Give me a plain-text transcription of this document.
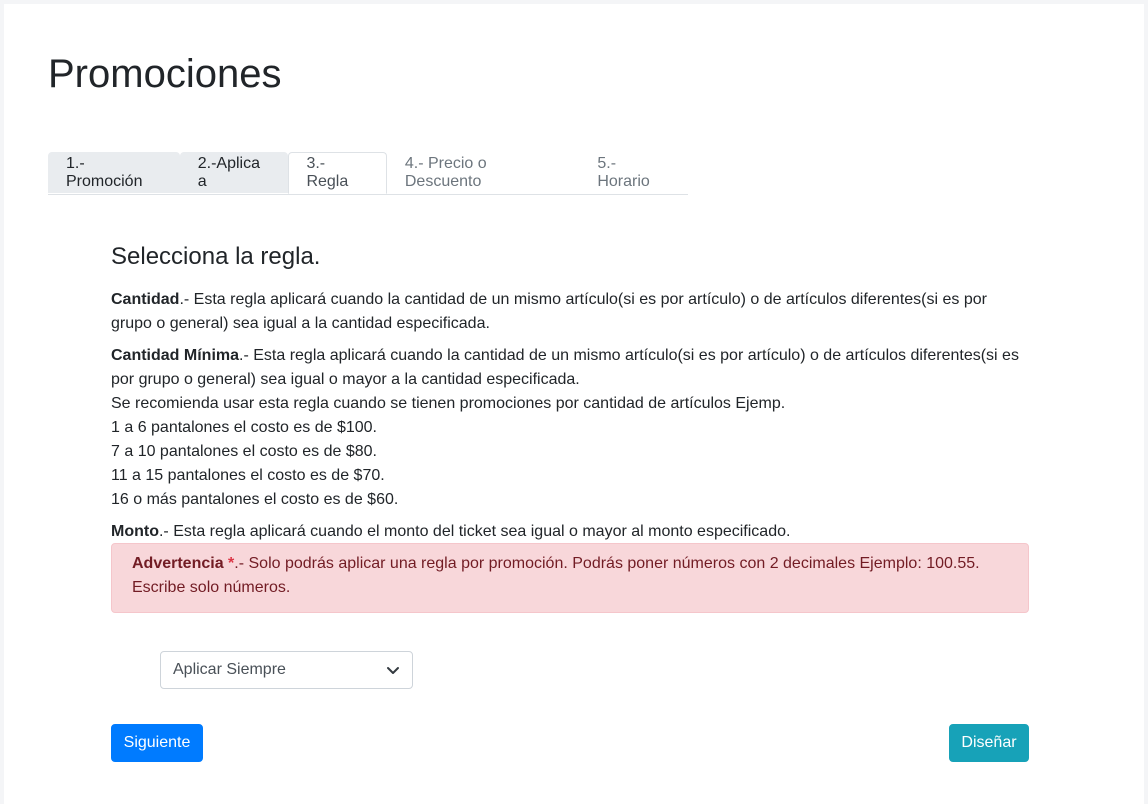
Promociones
1.- Promoción
2.-Aplica a
3.- Regla
4.- Precio o Descuento
5.- Horario
Selecciona la regla.

Cantidad.- Esta regla aplicará cuando la cantidad de un mismo artículo(si es por artículo) o de artículos diferentes(si es por grupo o general) sea igual a la cantidad especificada.

Cantidad Mínima.- Esta regla aplicará cuando la cantidad de un mismo artículo(si es por artículo) o de artículos diferentes(si es por grupo o general) sea igual o mayor a la cantidad especificada.
Se recomienda usar esta regla cuando se tienen promociones por cantidad de artículos Ejemp.
1 a 6 pantalones el costo es de $100.
7 a 10 pantalones el costo es de $80.
11 a 15 pantalones el costo es de $70.
16 o más pantalones el costo es de $60.

Monto.- Esta regla aplicará cuando el monto del ticket sea igual o mayor al monto especificado.

Advertencia *.- Solo podrás aplicar una regla por promoción. Podrás poner números con 2 decimales Ejemplo: 100.55.
Escribe solo números.
Aplicar Siempre
Siguiente	Diseñar
